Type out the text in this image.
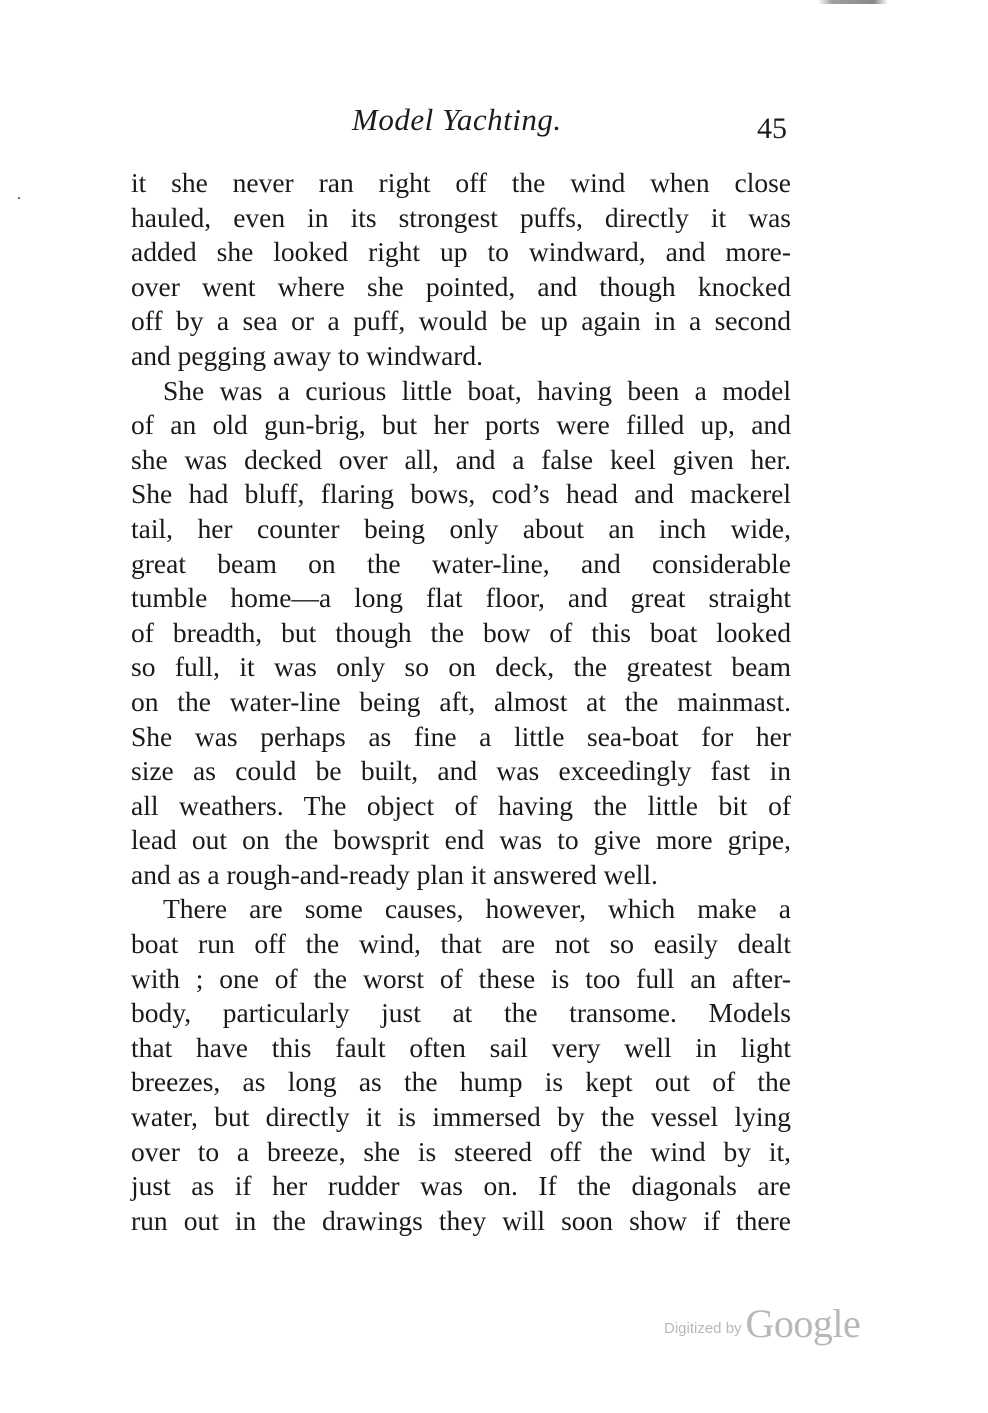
Model Yachting.	45
it she never ran right off the wind when close
hauled, even in its strongest puffs, directly it was
added she looked right up to windward, and more-
over went where she pointed, and though knocked
off by a sea or a puff, would be up again in a second
and pegging away to windward.
She was a curious little boat, having been a model
of an old gun-brig, but her ports were filled up, and
she was decked over all, and a false keel given her.
She had bluff, flaring bows, cod’s head and mackerel
tail, her counter being only about an inch wide,
great beam on the water-line, and considerable
tumble home—a long flat floor, and great straight
of breadth, but though the bow of this boat looked
so full, it was only so on deck, the greatest beam
on the water-line being aft, almost at the mainmast.
She was perhaps as fine a little sea-boat for her
size as could be built, and was exceedingly fast in
all weathers. The object of having the little bit of
lead out on the bowsprit end was to give more gripe,
and as a rough-and-ready plan it answered well.
There are some causes, however, which make a
boat run off the wind, that are not so easily dealt
with ; one of the worst of these is too full an after-
body, particularly just at the transome. Models
that have this fault often sail very well in light
breezes, as long as the hump is kept out of the
water, but directly it is immersed by the vessel lying
over to a breeze, she is steered off the wind by it,
just as if her rudder was on. If the diagonals are
run out in the drawings they will soon show if there
Digitized by Google
